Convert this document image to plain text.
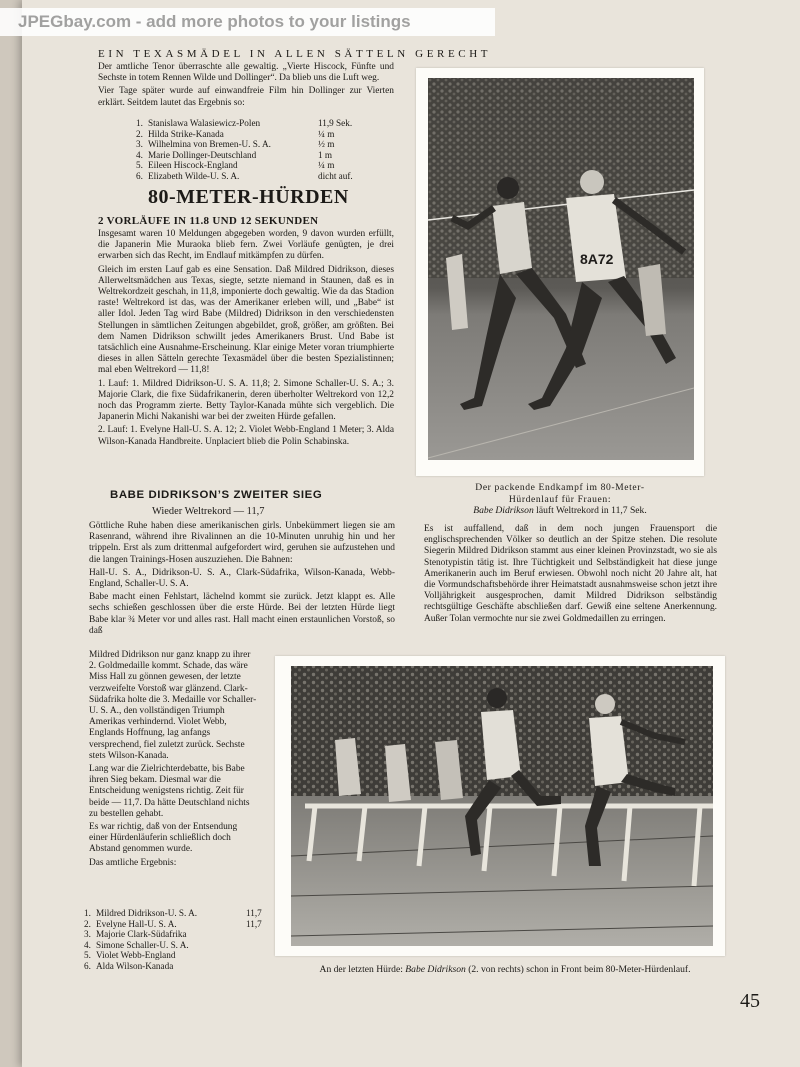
JPEGbay.com - add more photos to your listings
EIN TEXASMÄDEL IN ALLEN SÄTTELN GERECHT

Der amtliche Tenor überraschte alle gewaltig. „Vierte Hiscock, Fünfte und Sechste in totem Rennen Wilde und Dollinger“. Da blieb uns die Luft weg.

Vier Tage später wurde auf einwandfreie Film hin Dollinger zur Vierten erklärt. Seitdem lautet das Ergebnis so:

1. Stanislawa Walasiewicz-Polen	11,9 Sek.
2. Hilda Strike-Kanada	¼ m
3. Wilhelmina von Bremen-U. S. A.	½ m
4. Marie Dollinger-Deutschland	1 m
5. Eileen Hiscock-England	¼ m
6. Elizabeth Wilde-U. S. A.	dicht auf.
80-METER-HÜRDEN
2 VORLÄUFE IN 11.8 UND 12 SEKUNDEN

Insgesamt waren 10 Meldungen abgegeben worden, 9 davon wurden erfüllt, die Japanerin Mie Muraoka blieb fern. Zwei Vorläufe genügten, je drei erwarben sich das Recht, im Endlauf mitkämpfen zu dürfen.

Gleich im ersten Lauf gab es eine Sensation. Daß Mildred Didrikson, dieses Allerweltsmädchen aus Texas, siegte, setzte niemand in Staunen, daß es in Weltrekordzeit geschah, in 11,8, imponierte doch gewaltig. Wie da das Stadion raste! Weltrekord ist das, was der Amerikaner erleben will, und „Babe“ ist aller Idol. Jeden Tag wird Babe (Mildred) Didrikson in den verschiedensten Stellungen in sämtlichen Zeitungen abgebildet, groß, größer, am größten. Bei dem Namen Didrikson schwillt jedes Amerikaners Brust. Und Babe ist tatsächlich eine Ausnahme-Erscheinung. Klar einige Meter voran triumphierte dieses in allen Sätteln gerechte Texasmädel über die besten Spezialistinnen; mal eben Weltrekord — 11,8!

1. Lauf: 1. Mildred Didrikson-U. S. A. 11,8; 2. Simone Schaller-U. S. A.; 3. Majorie Clark, die fixe Südafrikanerin, deren überholter Weltrekord von 12,2 noch das Programm zierte. Betty Taylor-Kanada mühte sich vergeblich. Die Japanerin Michi Nakanishi war bei der zweiten Hürde gefallen.

2. Lauf: 1. Evelyne Hall-U. S. A. 12; 2. Violet Webb-England 1 Meter; 3. Alda Wilson-Kanada Handbreite. Unplaciert blieb die Polin Schabinska.

BABE DIDRIKSON’S ZWEITER SIEG
Wieder Weltrekord — 11,7

Göttliche Ruhe haben diese amerikanischen girls. Unbekümmert liegen sie am Rasenrand, während ihre Rivalinnen an die 10-Minuten unruhig hin und her trippeln. Erst als zum drittenmal aufgefordert wird, geruhen sie aufzustehen und die langen Trainings-Hosen auszuziehen. Die Bahnen:

Hall-U. S. A., Didrikson-U. S. A., Clark-Südafrika, Wilson-Kanada, Webb-England, Schaller-U. S. A.

Babe macht einen Fehlstart, lächelnd kommt sie zurück. Jetzt klappt es. Alle sechs schießen geschlossen über die erste Hürde. Bei der letzten Hürde liegt Babe klar ¾ Meter vor und alles rast. Hall macht einen erstaunlichen Vorstoß, so daß

Mildred Didrikson nur ganz knapp zu ihrer 2. Goldmedaille kommt. Schade, das wäre Miss Hall zu gönnen gewesen, der letzte verzweifelte Vorstoß war glänzend. Clark-Südafrika holte die 3. Medaille vor Schaller-U. S. A., den vollständigen Triumph Amerikas verhindernd. Violet Webb, Englands Hoffnung, lag anfangs versprechend, fiel zuletzt zurück. Sechste stets Wilson-Kanada.

Lang war die Zielrichterdebatte, bis Babe ihren Sieg bekam. Diesmal war die Entscheidung wenigstens richtig. Zeit für beide — 11,7. Da hätte Deutschland nichts zu bestellen gehabt.

Es war richtig, daß von der Entsendung einer Hürdenläuferin schließlich doch Abstand genommen wurde.

Das amtliche Ergebnis:

1. Mildred Didrikson-U. S. A.	11,7
2. Evelyne Hall-U. S. A.	11,7
3. Majorie Clark-Südafrika
4. Simone Schaller-U. S. A.
5. Violet Webb-England
6. Alda Wilson-Kanada
8A72
Der packende Endkampf im 80-Meter-
Hürdenlauf für Frauen:
Babe Didrikson läuft Weltrekord in 11,7 Sek.

Es ist auffallend, daß in dem noch jungen Frauensport die englischsprechenden Völker so deutlich an der Spitze stehen. Die resolute Siegerin Mildred Didrikson stammt aus einer kleinen Provinzstadt, wo sie als Stenotypistin tätig ist. Ihre Tüchtigkeit und Selbständigkeit hat diese junge Amerikanerin auch im Beruf erwiesen. Obwohl noch nicht 20 Jahre alt, hat die Vormundschaftsbehörde ihrer Heimatstadt ausnahmsweise schon jetzt ihre Volljährigkeit ausgesprochen, damit Mildred Didrikson selbständig rechtsgültige Geschäfte abschließen darf. Gewiß eine seltene Anerkennung. Außer Tolan vermochte nur sie zwei Goldmedaillen zu erringen.

An der letzten Hürde: Babe Didrikson (2. von rechts) schon in Front beim 80-Meter-Hürdenlauf.
45
